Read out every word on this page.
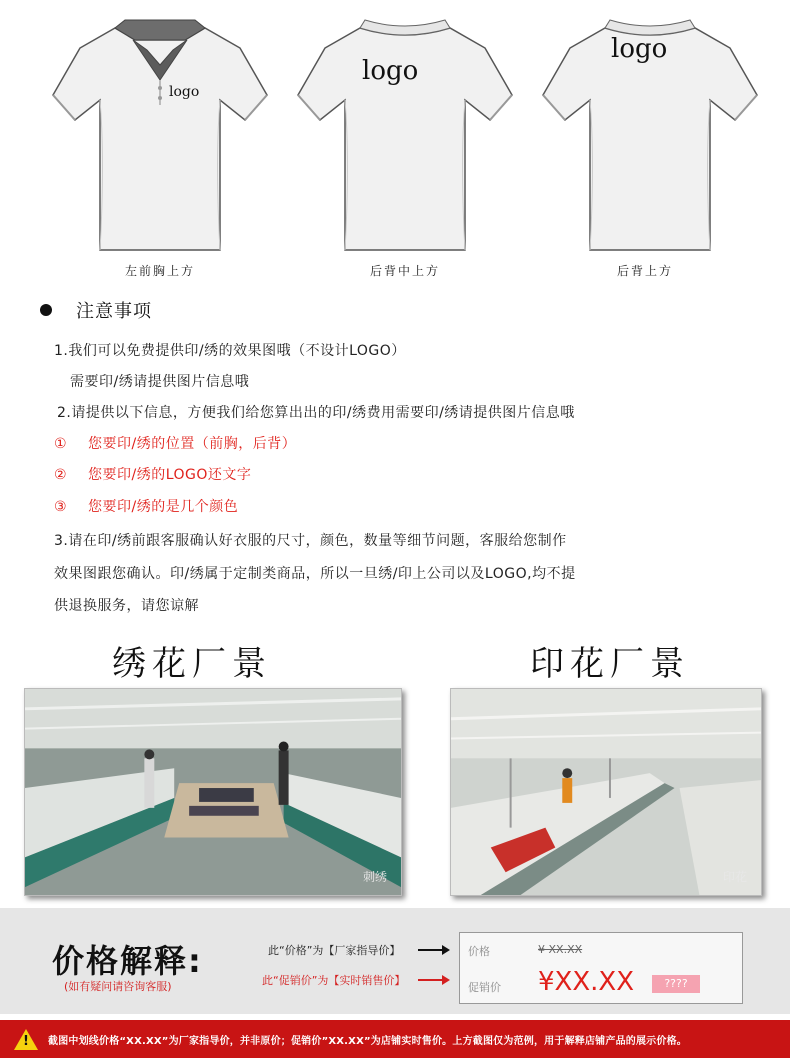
logo
logo
logo
左前胸上方	后背中上方	后背上方
注意事项
1.我们可以免费提供印/绣的效果图哦（不设计LOGO）
需要印/绣请提供图片信息哦
2.请提供以下信息，方便我们给您算出出的印/绣费用需要印/绣请提供图片信息哦
① 您要印/绣的位置（前胸，后背）
② 您要印/绣的LOGO还文字
③ 您要印/绣的是几个颜色
3.请在印/绣前跟客服确认好衣服的尺寸，颜色，数量等细节问题，客服给您制作
效果图跟您确认。印/绣属于定制类商品，所以一旦绣/印上公司以及LOGO,均不提
供退换服务，请您谅解
绣花厂景	印花厂景
刺绣	印花
价格解释:
(如有疑问请咨询客服)
此“价格”为【厂家指导价】
此“促销价”为【实时销售价】
价格	¥ XX.XX
促销价 ¥XX.XX	????
! 截图中划线价格“XX.XX”为厂家指导价，并非原价；促销价”XX.XX”为店铺实时售价。上方截图仅为范例，用于解释店铺产品的展示价格。
